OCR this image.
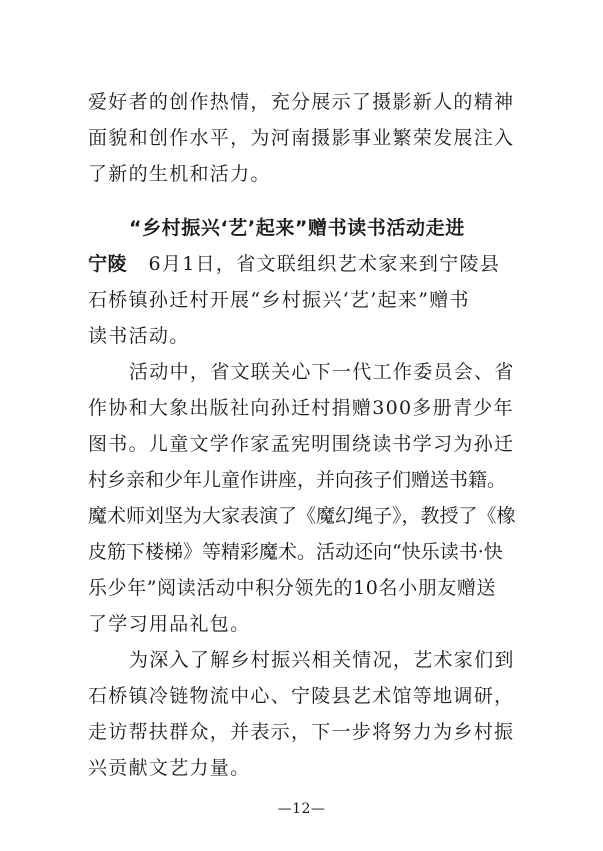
爱好者的创作热情，充分展示了摄影新人的精神
面貌和创作水平，为河南摄影事业繁荣发展注入
了新的生机和活力。
“乡村振兴‘艺’起来”赠书读书活动走进
宁陵 6月1日，省文联组织艺术家来到宁陵县
石桥镇孙迁村开展“乡村振兴‘艺’起来”赠书
读书活动。
活动中，省文联关心下一代工作委员会、省
作协和大象出版社向孙迁村捐赠300多册青少年
图书。儿童文学作家孟宪明围绕读书学习为孙迁
村乡亲和少年儿童作讲座，并向孩子们赠送书籍。
魔术师刘坚为大家表演了《魔幻绳子》，教授了《橡
皮筋下楼梯》等精彩魔术。活动还向“快乐读书·快
乐少年”阅读活动中积分领先的10名小朋友赠送
了学习用品礼包。
为深入了解乡村振兴相关情况，艺术家们到
石桥镇冷链物流中心、宁陵县艺术馆等地调研，
走访帮扶群众，并表示，下一步将努力为乡村振
兴贡献文艺力量。
—12—
